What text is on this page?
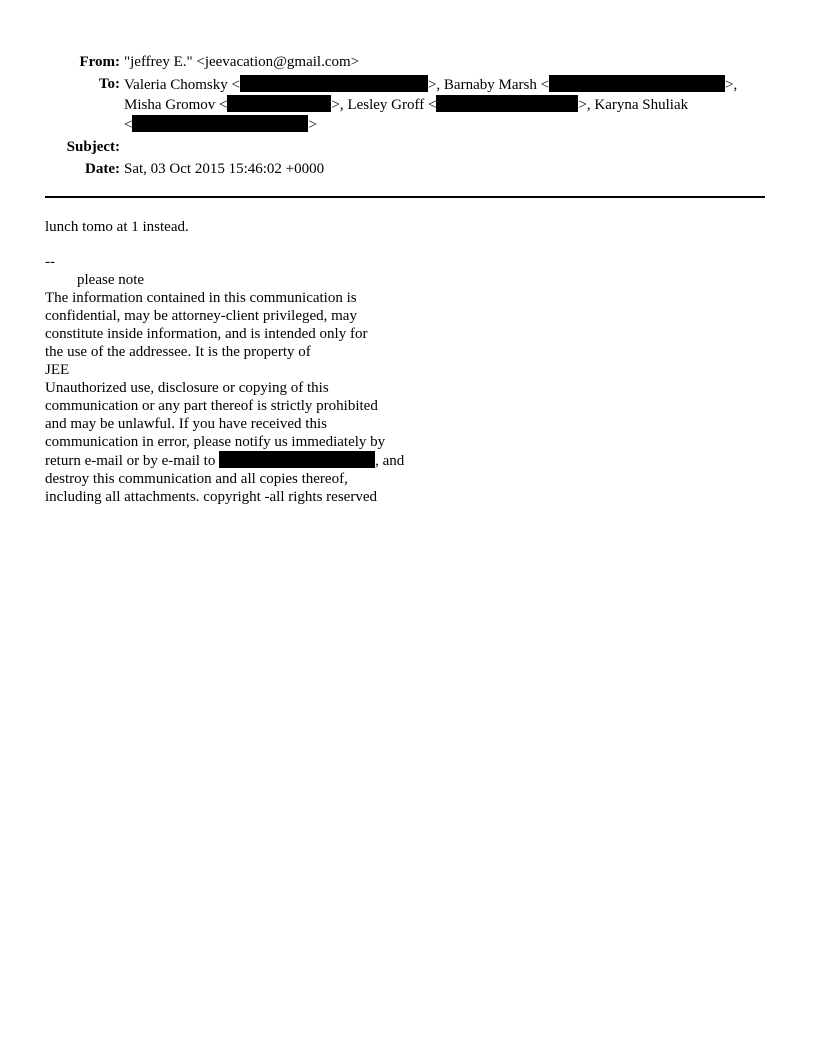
From: "jeffrey E." <jeevacation@gmail.com>
To: Valeria Chomsky <	>, Barnaby Marsh <	>, Misha Gromov <	>, Lesley Groff <	>, Karyna Shuliak <	>
Subject:
Date: Sat, 03 Oct 2015 15:46:02 +0000

lunch tomo at 1 instead.

--

please note

The information contained in this communication is

confidential, may be attorney-client privileged, may

constitute inside information, and is intended only for

the use of the addressee. It is the property of

JEE

Unauthorized use, disclosure or copying of this

communication or any part thereof is strictly prohibited

and may be unlawful. If you have received this

communication in error, please notify us immediately by

return e-mail or by e-mail to	, and

destroy this communication and all copies thereof,

including all attachments. copyright -all rights reserved
